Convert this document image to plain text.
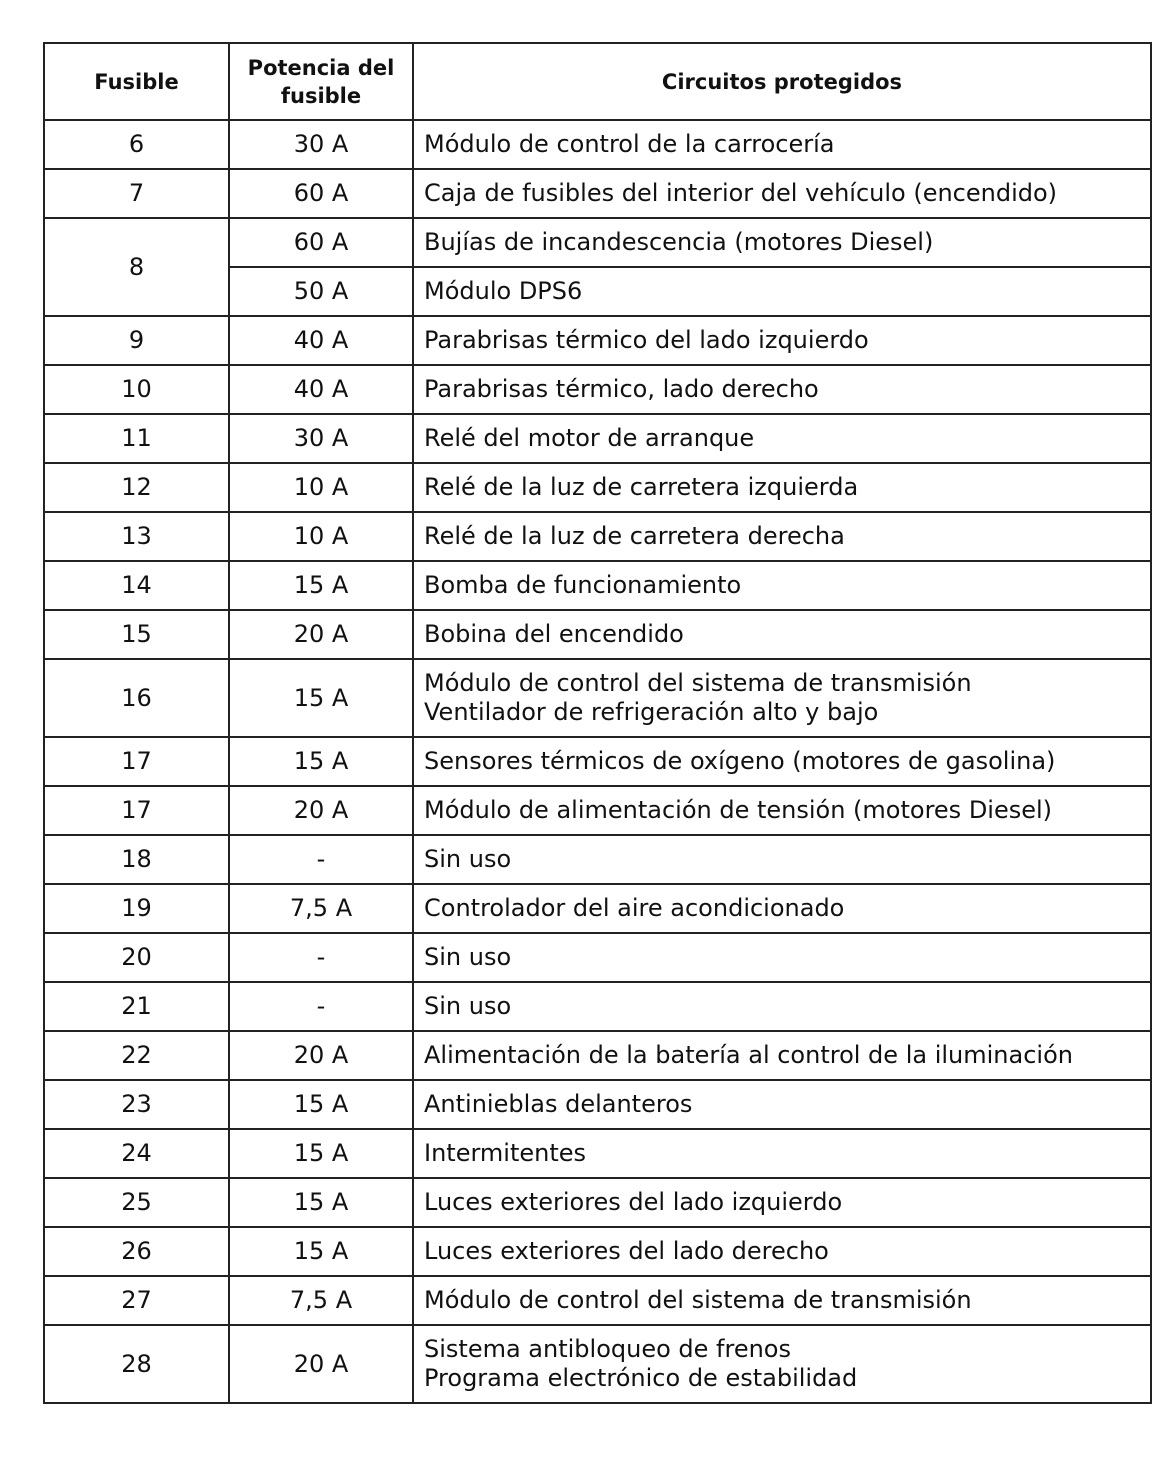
Fusible	Potencia del fusible	Circuitos protegidos
6	30 A	Módulo de control de la carrocería

7	60 A	Caja de fusibles del interior del vehículo (encendido)

8	60 A	Bujías de incandescencia (motores Diesel)

	50 A	Módulo DPS6

9	40 A	Parabrisas térmico del lado izquierdo

10	40 A	Parabrisas térmico, lado derecho

11	30 A	Relé del motor de arranque

12	10 A	Relé de la luz de carretera izquierda

13	10 A	Relé de la luz de carretera derecha

14	15 A	Bomba de funcionamiento

15	20 A	Bobina del encendido

16	15 A	Módulo de control del sistema de transmisión
Ventilador de refrigeración alto y bajo

17	15 A	Sensores térmicos de oxígeno (motores de gasolina)

17	20 A	Módulo de alimentación de tensión (motores Diesel)

18	-	Sin uso

19	7,5 A	Controlador del aire acondicionado

20	-	Sin uso

21	-	Sin uso

22	20 A	Alimentación de la batería al control de la iluminación

23	15 A	Antinieblas delanteros

24	15 A	Intermitentes

25	15 A	Luces exteriores del lado izquierdo

26	15 A	Luces exteriores del lado derecho

27	7,5 A	Módulo de control del sistema de transmisión

28	20 A	Sistema antibloqueo de frenos
Programa electrónico de estabilidad
